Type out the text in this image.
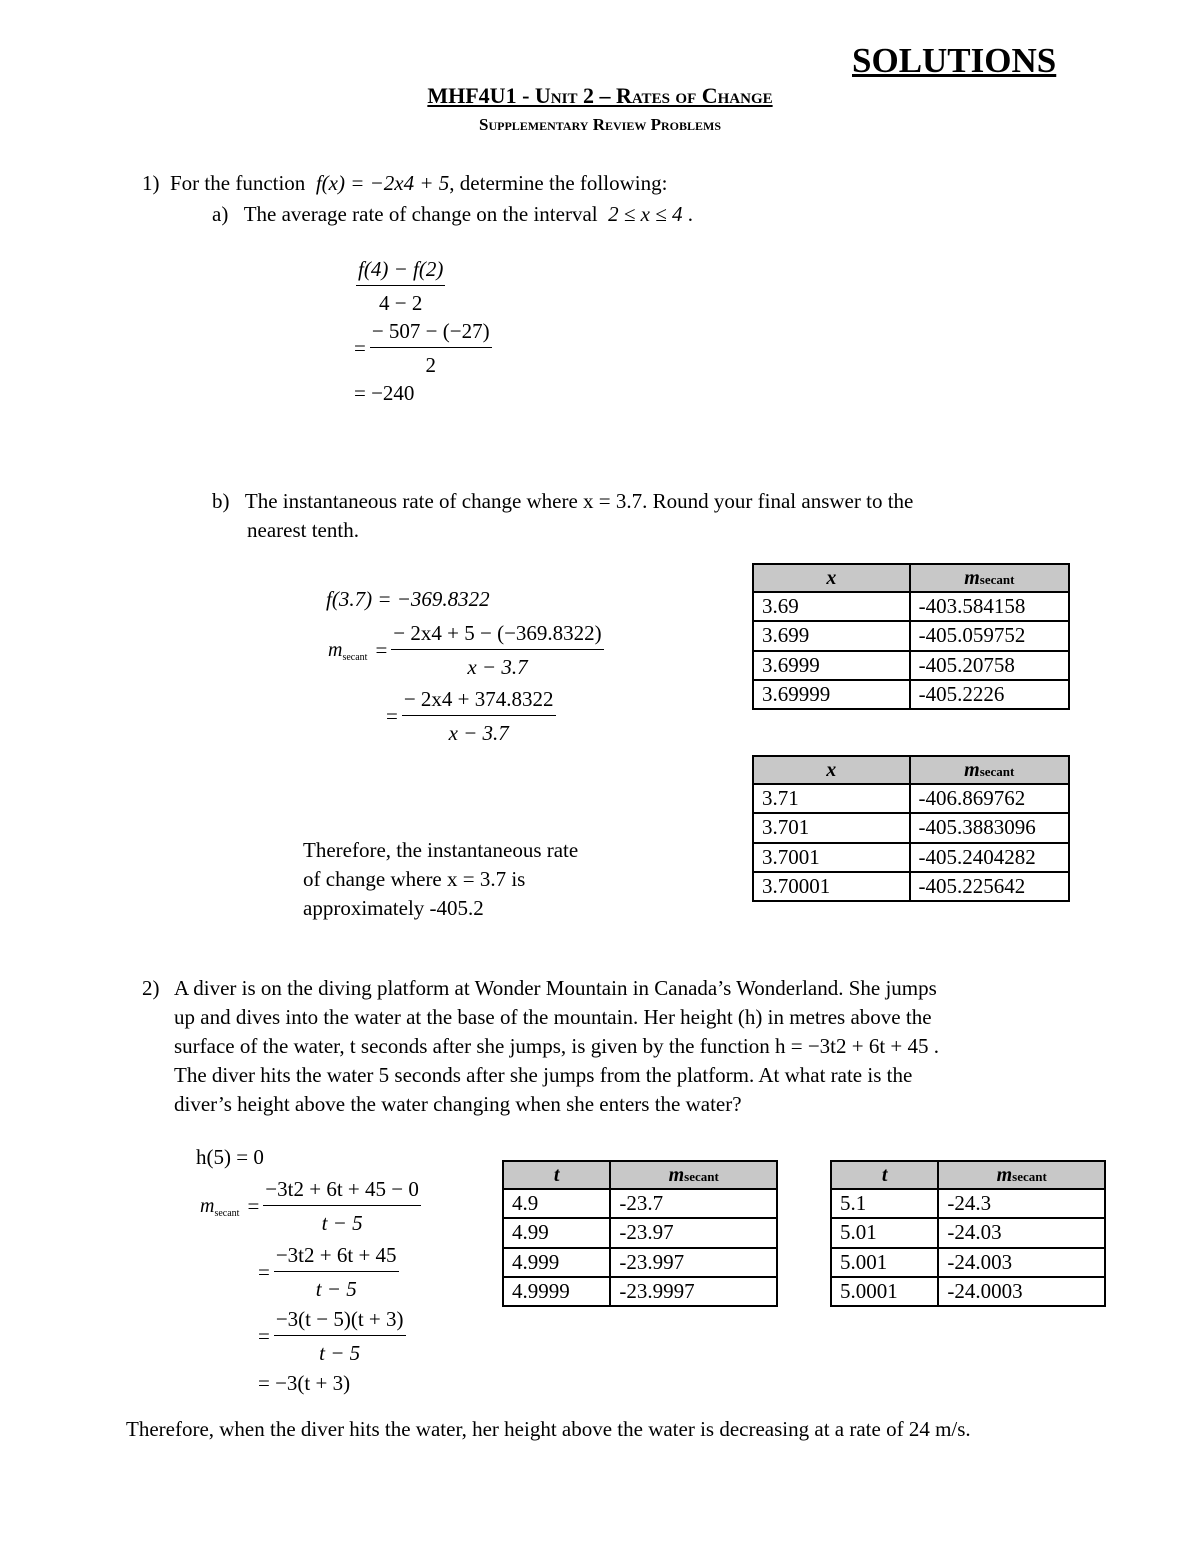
SOLUTIONS
MHF4U1 - Unit 2 – Rates of Change
Supplementary Review Problems
1) For the function f(x) = −2x4 + 5, determine the following:
a) The average rate of change on the interval 2 ≤ x ≤ 4 .
$\frac{f(4) - f(2)}{4 - 2}$
= $\frac{- 507 - (-27)}{2}$
= −240
b) The instantaneous rate of change where x = 3.7. Round your final answer to the
nearest tenth.
f(3.7) = −369.8322
$m_{secant} = \frac{- 2x4 + 5 - (-369.8322)}{x - 3.7}$
= $\frac{- 2x4 + 374.8322}{x - 3.7}$
Therefore, the instantaneous rate
of change where x = 3.7 is
approximately -405.2
x	msecant
3.69	-403.584158
3.699	-405.059752
3.6999	-405.20758
3.69999	-405.2226
x	msecant
3.71	-406.869762
3.701	-405.3883096
3.7001	-405.2404282
3.70001	-405.225642
2) A diver is on the diving platform at Wonder Mountain in Canada’s Wonderland. She jumps
up and dives into the water at the base of the mountain. Her height (h) in metres above the
surface of the water, t seconds after she jumps, is given by the function h = −3t2 + 6t + 45 .
The diver hits the water 5 seconds after she jumps from the platform. At what rate is the
diver’s height above the water changing when she enters the water?
h(5) = 0
$m_{secant} = \frac{-3t2 + 6t + 45 - 0}{t - 5}$
= $\frac{-3t2 + 6t + 45}{t - 5}$
= $\frac{-3(t - 5)(t + 3)}{t - 5}$
= −3(t + 3)
t	msecant
4.9	-23.7
4.99	-23.97
4.999	-23.997
4.9999	-23.9997
t	msecant
5.1	-24.3
5.01	-24.03
5.001	-24.003
5.0001	-24.0003
Therefore, when the diver hits the water, her height above the water is decreasing at a rate of 24 m/s.
